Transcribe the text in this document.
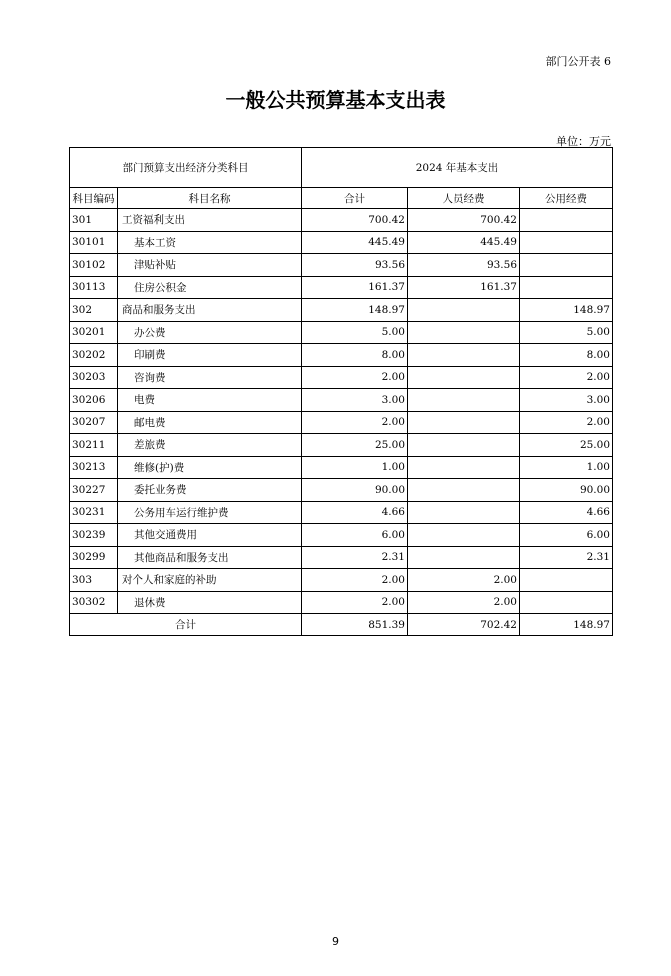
部门公开表 6
一般公共预算基本支出表
单位：万元
部门预算支出经济分类科目		2024 年基本支出		
科目编码	科目名称	合计	人员经费	公用经费
301	工资福利支出	700.42	700.42	
30101	基本工资	445.49	445.49	
30102	津贴补贴	93.56	93.56	
30113	住房公积金	161.37	161.37	
302	商品和服务支出	148.97		148.97
30201	办公费	5.00		5.00
30202	印刷费	8.00		8.00
30203	咨询费	2.00		2.00
30206	电费	3.00		3.00
30207	邮电费	2.00		2.00
30211	差旅费	25.00		25.00
30213	维修(护)费	1.00		1.00
30227	委托业务费	90.00		90.00
30231	公务用车运行维护费	4.66		4.66
30239	其他交通费用	6.00		6.00
30299	其他商品和服务支出	2.31		2.31
303	对个人和家庭的补助	2.00	2.00	
30302	退休费	2.00	2.00	
合计		851.39	702.42	148.97
9
